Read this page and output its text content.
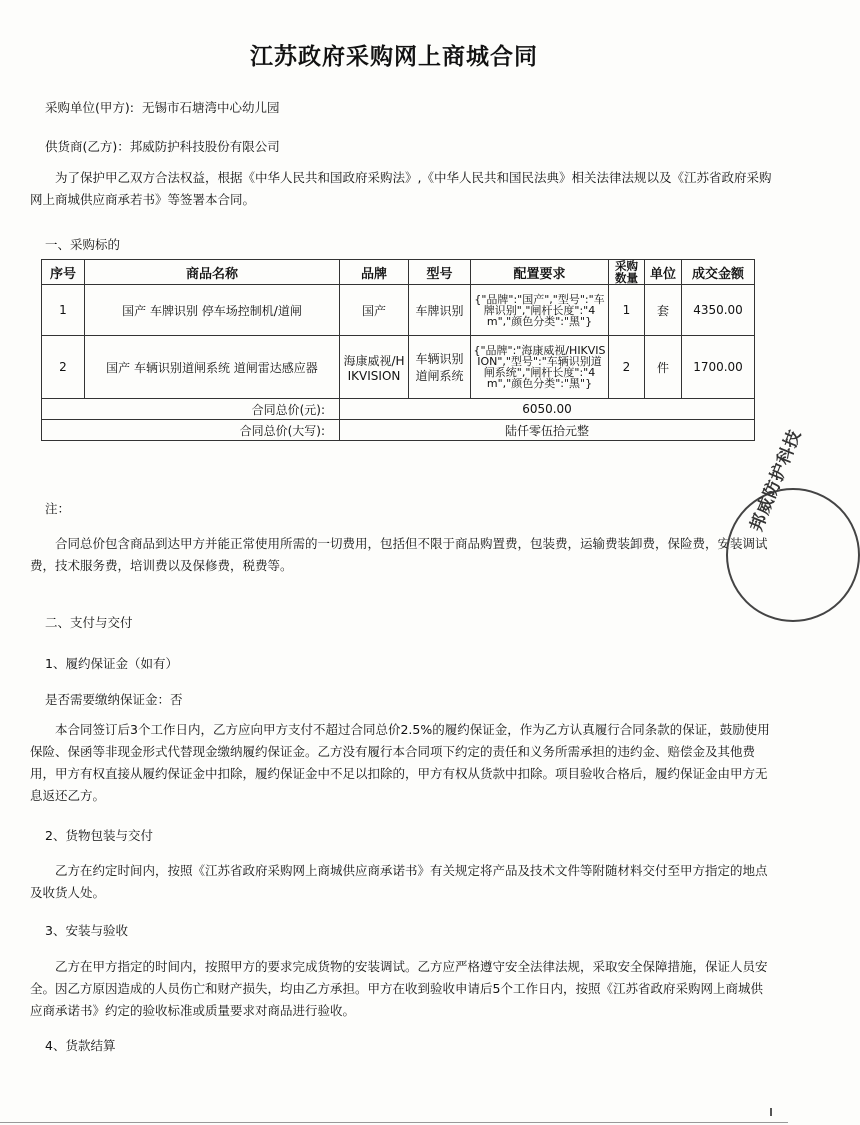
江苏政府采购网上商城合同
采购单位(甲方): 无锡市石塘湾中心幼儿园
供货商(乙方)：邦威防护科技股份有限公司
为了保护甲乙双方合法权益，根据《中华人民共和国政府采购法》,《中华人民共和国民法典》相关法律法规以及《江苏省政府采购网上商城供应商承若书》等签署本合同。
一、采购标的
序号	商品名称	品牌	型号	配置要求	采购数量	单位	成交金额
1	国产 车牌识别 停车场控制机/道闸	国产	车牌识别	{"品牌":"国产","型号":"车牌识别","闸杆长度":"4m","颜色分类":"黑"}	1	套	4350.00
2	国产 车辆识别道闸系统 道闸雷达感应器	海康威视/HIKVISION	车辆识别道闸系统	{"品牌":"海康威视/HIKVISION","型号":"车辆识别道闸系统","闸杆长度":"4m","颜色分类":"黑"}	2	件	1700.00
合同总价(元):		6050.00					
合同总价(大写):		陆仟零伍拾元整					
注：
合同总价包含商品到达甲方并能正常使用所需的一切费用，包括但不限于商品购置费，包装费，运输费装卸费，保险费，安装调试费，技术服务费，培训费以及保修费，税费等。
二、支付与交付
1、履约保证金（如有）
是否需要缴纳保证金：否
本合同签订后3个工作日内，乙方应向甲方支付不超过合同总价2.5%的履约保证金，作为乙方认真履行合同条款的保证，鼓励使用保险、保函等非现金形式代替现金缴纳履约保证金。乙方没有履行本合同项下约定的责任和义务所需承担的违约金、赔偿金及其他费用，甲方有权直接从履约保证金中扣除，履约保证金中不足以扣除的，甲方有权从货款中扣除。项目验收合格后，履约保证金由甲方无息返还乙方。
2、货物包装与交付
乙方在约定时间内，按照《江苏省政府采购网上商城供应商承诺书》有关规定将产品及技术文件等附随材料交付至甲方指定的地点及收货人处。
3、安装与验收
乙方在甲方指定的时间内，按照甲方的要求完成货物的安装调试。乙方应严格遵守安全法律法规，采取安全保障措施，保证人员安全。因乙方原因造成的人员伤亡和财产损失，均由乙方承担。甲方在收到验收申请后5个工作日内，按照《江苏省政府采购网上商城供应商承诺书》约定的验收标准或质量要求对商品进行验收。
4、货款结算
邦威防护科技
